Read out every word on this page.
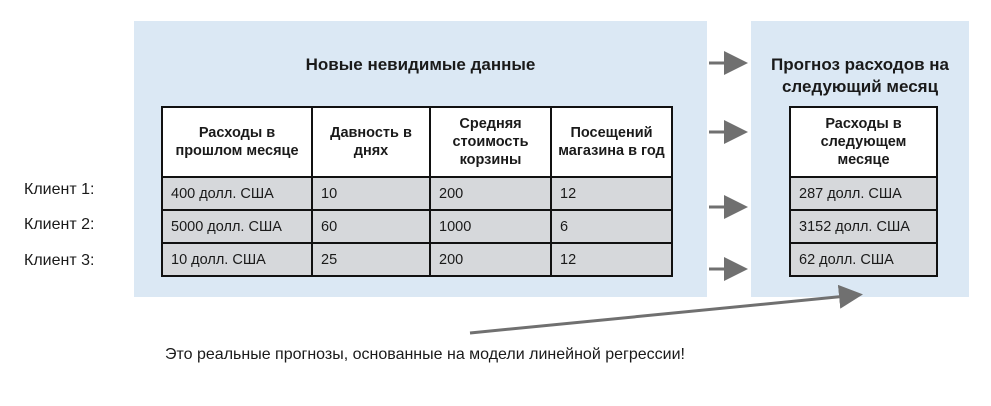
Новые невидимые данные	Прогноз расходов на следующий месяц
Расходы в прошлом месяце	Давность в днях	Средняя стоимость корзины	Посещений магазина в год
400 долл. США	10	200	12
5000 долл. США	60	1000	6
10 долл. США	25	200	12
Расходы в следующем месяце
287 долл. США
3152 долл. США
62 долл. США
Клиент 1:
Клиент 2:
Клиент 3:
Это реальные прогнозы, основанные на модели линейной регрессии!
